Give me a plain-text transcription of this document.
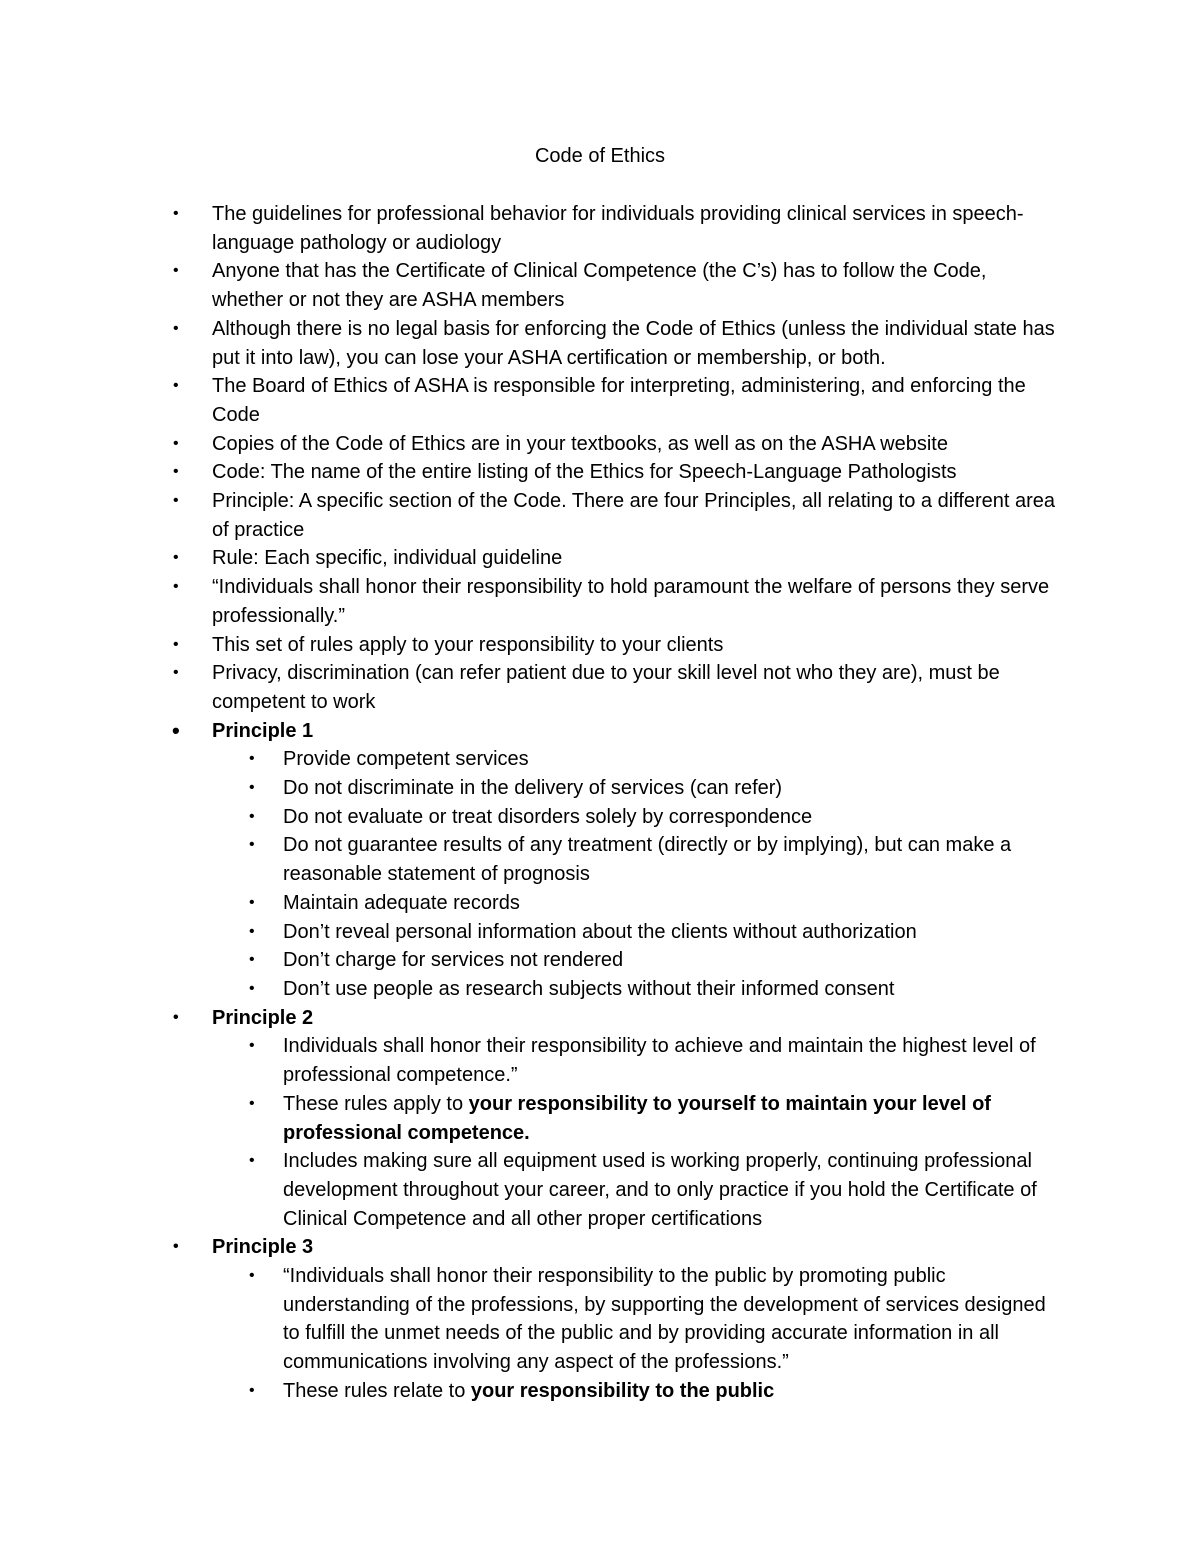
Code of Ethics
• The guidelines for professional behavior for individuals providing clinical services in speech-language pathology or audiology
• Anyone that has the Certificate of Clinical Competence (the C’s) has to follow the Code, whether or not they are ASHA members
• Although there is no legal basis for enforcing the Code of Ethics (unless the individual state has put it into law), you can lose your ASHA certification or membership, or both.
• The Board of Ethics of ASHA is responsible for interpreting, administering, and enforcing the Code
• Copies of the Code of Ethics are in your textbooks, as well as on the ASHA website
• Code: The name of the entire listing of the Ethics for Speech-Language Pathologists
• Principle: A specific section of the Code. There are four Principles, all relating to a different area of practice
• Rule: Each specific, individual guideline
• “Individuals shall honor their responsibility to hold paramount the welfare of persons they serve professionally.”
• This set of rules apply to your responsibility to your clients
• Privacy, discrimination (can refer patient due to your skill level not who they are), must be competent to work
• Principle 1
• Provide competent services
• Do not discriminate in the delivery of services (can refer)
• Do not evaluate or treat disorders solely by correspondence
• Do not guarantee results of any treatment (directly or by implying), but can make a reasonable statement of prognosis
• Maintain adequate records
• Don’t reveal personal information about the clients without authorization
• Don’t charge for services not rendered
• Don’t use people as research subjects without their informed consent
• Principle 2
• Individuals shall honor their responsibility to achieve and maintain the highest level of professional competence.”
• These rules apply to your responsibility to yourself to maintain your level of professional competence.
• Includes making sure all equipment used is working properly, continuing professional development throughout your career, and to only practice if you hold the Certificate of Clinical Competence and all other proper certifications
• Principle 3
• “Individuals shall honor their responsibility to the public by promoting public understanding of the professions, by supporting the development of services designed to fulfill the unmet needs of the public and by providing accurate information in all communications involving any aspect of the professions.”
• These rules relate to your responsibility to the public
